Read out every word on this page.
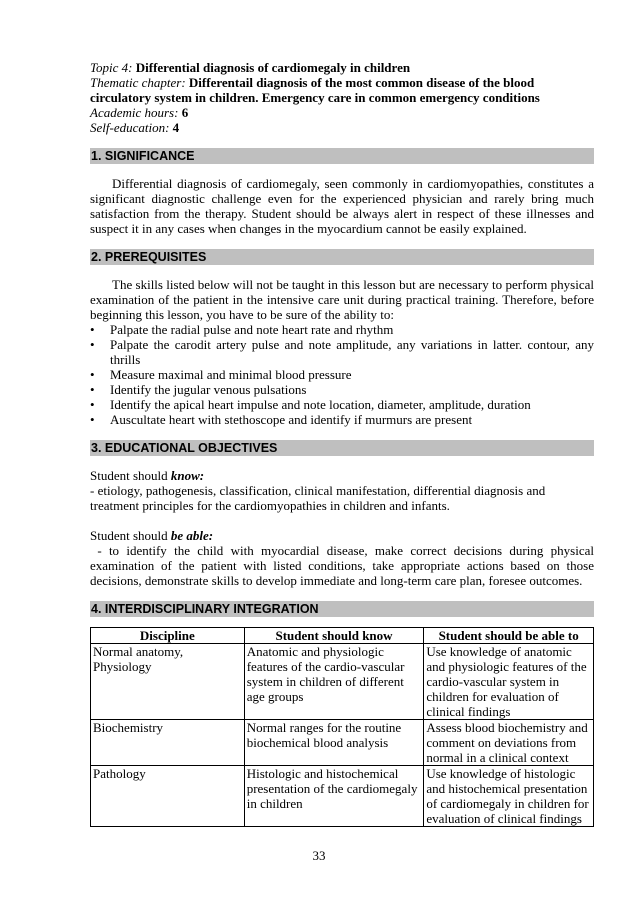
Topic 4: Differential diagnosis of cardiomegaly in children

Thematic chapter: Differentail diagnosis of the most common disease of the blood circulatory system in children. Emergency care in common emergency conditions

Academic hours: 6

Self-education: 4

1. SIGNIFICANCE

Differential diagnosis of cardiomegaly, seen commonly in cardiomyopathies, constitutes a significant diagnostic challenge even for the experienced physician and rarely bring much satisfaction from the therapy. Student should be always alert in respect of these illnesses and suspect it in any cases when changes in the myocardium cannot be easily explained.

2. PREREQUISITES

The skills listed below will not be taught in this lesson but are necessary to perform physical examination of the patient in the intensive care unit during practical training. Therefore, before beginning this lesson, you have to be sure of the ability to:

• Palpate the radial pulse and note heart rate and rhythm
• Palpate the carodit artery pulse and note amplitude, any variations in latter. contour, any thrills
• Measure maximal and minimal blood pressure
• Identify the jugular venous pulsations
• Identify the apical heart impulse and note location, diameter, amplitude, duration
• Auscultate heart with stethoscope and identify if murmurs are present
3. EDUCATIONAL OBJECTIVES

Student should know:

- etiology, pathogenesis, classification, clinical manifestation, differential diagnosis and treatment principles for the cardiomyopathies in children and infants.

Student should be able:

- to identify the child with myocardial disease, make correct decisions during physical examination of the patient with listed conditions, take appropriate actions based on those decisions, demonstrate skills to develop immediate and long-term care plan, foresee outcomes.

4. INTERDISCIPLINARY INTEGRATION
Discipline	Student should know	Student should be able to
Normal anatomy, Physiology	Anatomic and physiologic features of the cardio-vascular system in children of different age groups	Use knowledge of anatomic and physiologic features of the cardio-vascular system in children for evaluation of clinical findings
Biochemistry	Normal ranges for the routine biochemical blood analysis	Assess blood biochemistry and comment on deviations from normal in a clinical context
Pathology	Histologic and histochemical presentation of the cardiomegaly in children	Use knowledge of histologic and histochemical presentation of cardiomegaly in children for evaluation of clinical findings
33
